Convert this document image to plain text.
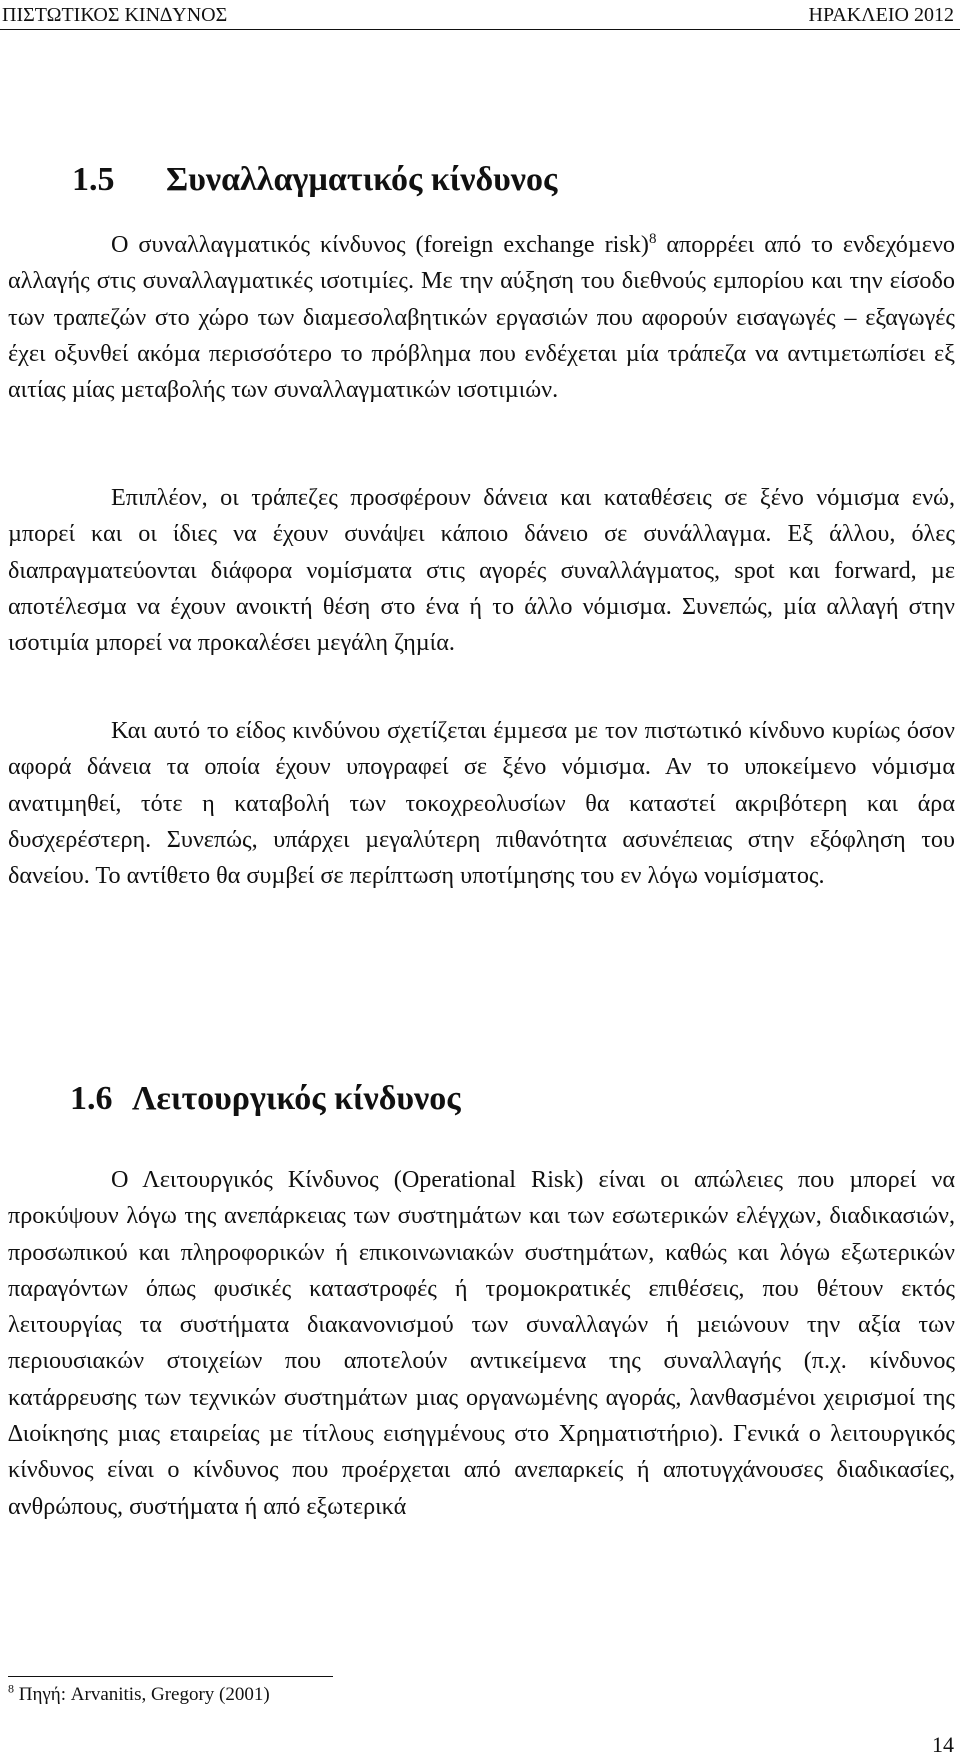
ΠΙΣΤΩΤΙΚΟΣ ΚΙΝ∆ΥΝΟΣ	ΗΡΑΚΛΕΙΟ 2012
1.5 Συναλλαγµατικός κίνδυνος

Ο συναλλαγµατικός κίνδυνος (foreign exchange risk)$^8$ απορρέει από το ενδεχόµενο αλλαγής στις συναλλαγµατικές ισοτιµίες. Με την αύξηση του διεθνούς εµπορίου και την είσοδο των τραπεζών στο χώρο των διαµεσολαβητικών εργασιών που αφορούν εισαγωγές – εξαγωγές έχει οξυνθεί ακόµα περισσότερο το πρόβληµα που ενδέχεται µία τράπεζα να αντιµετωπίσει εξ αιτίας µίας µεταβολής των συναλλαγµατικών ισοτιµιών.

Επιπλέον, οι τράπεζες προσφέρουν δάνεια και καταθέσεις σε ξένο νόµισµα ενώ, µπορεί και οι ίδιες να έχουν συνάψει κάποιο δάνειο σε συνάλλαγµα. Εξ άλλου, όλες διαπραγµατεύονται διάφορα νοµίσµατα στις αγορές συναλλάγµατος, spot και forward, µε αποτέλεσµα να έχουν ανοικτή θέση στο ένα ή το άλλο νόµισµα. Συνεπώς, µία αλλαγή στην ισοτιµία µπορεί να προκαλέσει µεγάλη ζηµία.

Και αυτό το είδος κινδύνου σχετίζεται έµµεσα µε τον πιστωτικό κίνδυνο κυρίως όσον αφορά δάνεια τα οποία έχουν υπογραφεί σε ξένο νόµισµα. Αν το υποκείµενο νόµισµα ανατιµηθεί, τότε η καταβολή των τοκοχρεολυσίων θα καταστεί ακριβότερη και άρα δυσχερέστερη. Συνεπώς, υπάρχει µεγαλύτερη πιθανότητα ασυνέπειας στην εξόφληση του δανείου. Το αντίθετο θα συµβεί σε περίπτωση υποτίµησης του εν λόγω νοµίσµατος.

1.6 Λειτουργικός κίνδυνος

Ο Λειτουργικός Κίνδυνος (Operational Risk) είναι οι απώλειες που µπορεί να προκύψουν λόγω της ανεπάρκειας των συστηµάτων και των εσωτερικών ελέγχων, διαδικασιών, προσωπικού και πληροφορικών ή επικοινωνιακών συστηµάτων, καθώς και λόγω εξωτερικών παραγόντων όπως φυσικές καταστροφές ή τροµοκρατικές επιθέσεις, που θέτουν εκτός λειτουργίας τα συστήµατα διακανονισµού των συναλλαγών ή µειώνουν την αξία των περιουσιακών στοιχείων που αποτελούν αντικείµενα της συναλλαγής (π.χ. κίνδυνος κατάρρευσης των τεχνικών συστηµάτων µιας οργανωµένης αγοράς, λανθασµένοι χειρισµοί της ∆ιοίκησης µιας εταιρείας µε τίτλους εισηγµένους στο Χρηµατιστήριο). Γενικά ο λειτουργικός κίνδυνος είναι ο κίνδυνος που προέρχεται από ανεπαρκείς ή αποτυγχάνουσες διαδικασίες, ανθρώπους, συστήµατα ή από εξωτερικά

$^8$ Πηγή: Arvanitis, Gregory (2001)
14
